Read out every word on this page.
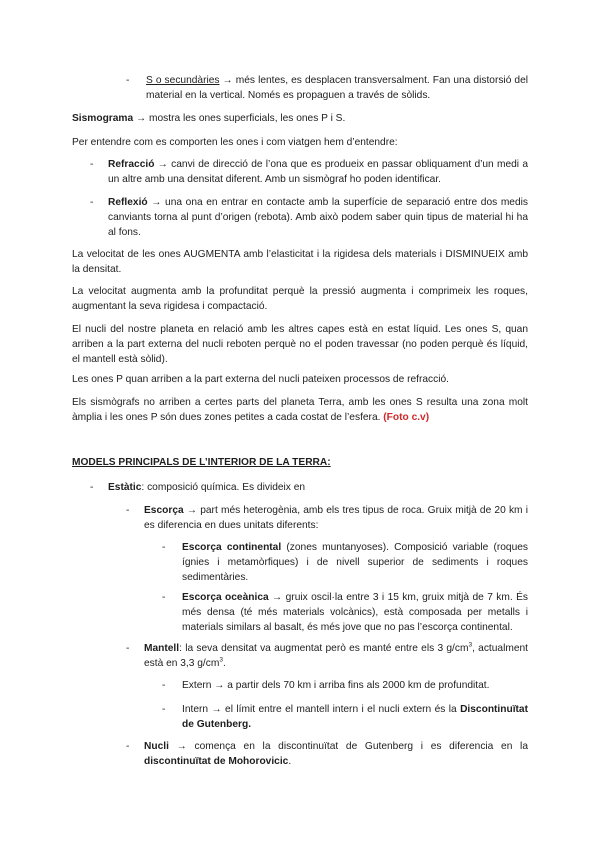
- S o secundàries → més lentes, es desplacen transversalment. Fan una distorsió del material en la vertical. Només es propaguen a través de sòlids.

Sismograma → mostra les ones superficials, les ones P i S.

Per entendre com es comporten les ones i com viatgen hem d’entendre:

- Refracció → canvi de direcció de l’ona que es produeix en passar obliquament d’un medi a un altre amb una densitat diferent. Amb un sismògraf ho poden identificar.

- Reflexió → una ona en entrar en contacte amb la superfície de separació entre dos medis canviants torna al punt d’origen (rebota). Amb això podem saber quin tipus de material hi ha al fons.

La velocitat de les ones AUGMENTA amb l’elasticitat i la rigidesa dels materials i DISMINUEIX amb la densitat.

La velocitat augmenta amb la profunditat perquè la pressió augmenta i comprimeix les roques, augmentant la seva rigidesa i compactació.

El nucli del nostre planeta en relació amb les altres capes està en estat líquid. Les ones S, quan arriben a la part externa del nucli reboten perquè no el poden travessar (no poden perquè és líquid, el mantell està sòlid).

Les ones P quan arriben a la part externa del nucli pateixen processos de refracció.

Els sismògrafs no arriben a certes parts del planeta Terra, amb les ones S resulta una zona molt àmplia i les ones P són dues zones petites a cada costat de l’esfera. (Foto c.v)

MODELS PRINCIPALS DE L’INTERIOR DE LA TERRA:

- Estàtic: composició química. Es divideix en

- Escorça → part més heterogènia, amb els tres tipus de roca. Gruix mitjà de 20 km i es diferencia en dues unitats diferents:

- Escorça continental (zones muntanyoses). Composició variable (roques ígnies i metamòrfiques) i de nivell superior de sediments i roques sedimentàries.

- Escorça oceànica → gruix oscil·la entre 3 i 15 km, gruix mitjà de 7 km. És més densa (té més materials volcànics), està composada per metalls i materials similars al basalt, és més jove que no pas l’escorça continental.

- Mantell: la seva densitat va augmentat però es manté entre els 3 $g/cm^3$, actualment està en 3,3 $g/cm^3$.

- Extern → a partir dels 70 km i arriba fins als 2000 km de profunditat.

- Intern → el límit entre el mantell intern i el nucli extern és la Discontinuïtat de Gutenberg.

- Nucli → comença en la discontinuïtat de Gutenberg i es diferencia en la discontinuïtat de Mohorovicic.
